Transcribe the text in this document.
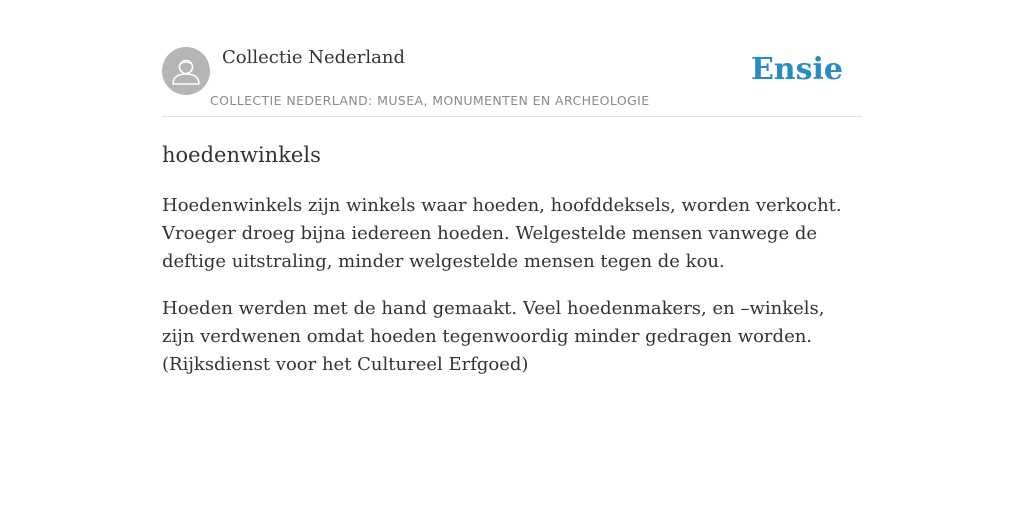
Collectie Nederland
COLLECTIE NEDERLAND: MUSEA, MONUMENTEN EN ARCHEOLOGIE
Ensie
hoedenwinkels

Hoedenwinkels zijn winkels waar hoeden, hoofddeksels, worden verkocht. Vroeger droeg bijna iedereen hoeden. Welgestelde mensen vanwege de deftige uitstraling, minder welgestelde mensen tegen de kou.

Hoeden werden met de hand gemaakt. Veel hoedenmakers, en –winkels, zijn verdwenen omdat hoeden tegenwoordig minder gedragen worden. (Rijksdienst voor het Cultureel Erfgoed)
